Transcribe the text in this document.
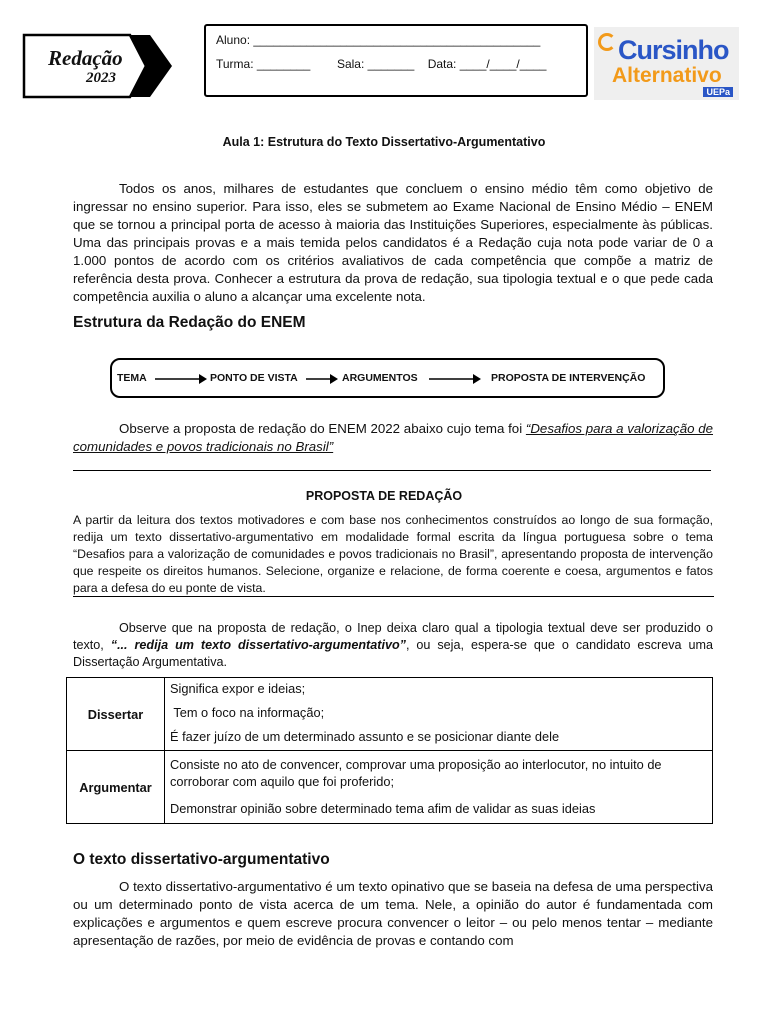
Redação
2023
Aluno: ___________________________________________
Turma: ________        Sala: _______    Data: ____/____/____	Cursinho
Alternativo
UEPa
Aula 1: Estrutura do Texto Dissertativo-Argumentativo
Todos os anos, milhares de estudantes que concluem o ensino médio têm como objetivo de ingressar no ensino superior. Para isso, eles se submetem ao Exame Nacional de Ensino Médio – ENEM que se tornou a principal porta de acesso à maioria das Instituições Superiores, especialmente às públicas. Uma das principais provas e a mais temida pelos candidatos é a Redação cuja nota pode variar de 0 a 1.000 pontos de acordo com os critérios avaliativos de cada competência que compõe a matriz de referência desta prova. Conhecer a estrutura da prova de redação, sua tipologia textual e o que pede cada competência auxilia o aluno a alcançar uma excelente nota.
Estrutura da Redação do ENEM
TEMA	PONTO DE VISTA	ARGUMENTOS	PROPOSTA DE INTERVENÇÃO
Observe a proposta de redação do ENEM 2022 abaixo cujo tema foi “Desafios para a valorização de comunidades e povos tradicionais no Brasil”
PROPOSTA DE REDAÇÃO
A partir da leitura dos textos motivadores e com base nos conhecimentos construídos ao longo de sua formação, redija um texto dissertativo-argumentativo em modalidade formal escrita da língua portuguesa sobre o tema “Desafios para a valorização de comunidades e povos tradicionais no Brasil”, apresentando proposta de intervenção que respeite os direitos humanos. Selecione, organize e relacione, de forma coerente e coesa, argumentos e fatos para a defesa do eu ponte de vista.
Observe que na proposta de redação, o Inep deixa claro qual a tipologia textual deve ser produzido o texto, “... redija um texto dissertativo-argumentativo”, ou seja, espera-se que o candidato escreva uma Dissertação Argumentativa.
Dissertar	Significa expor e ideias;
Tem o foco na informação;
É fazer juízo de um determinado assunto e se posicionar diante dele

Argumentar	Consiste no ato de convencer, comprovar uma proposição ao interlocutor, no intuito de corroborar com aquilo que foi proferido;
Demonstrar opinião sobre determinado tema afim de validar as suas ideias
O texto dissertativo-argumentativo
O texto dissertativo-argumentativo é um texto opinativo que se baseia na defesa de uma perspectiva ou um determinado ponto de vista acerca de um tema. Nele, a opinião do autor é fundamentada com explicações e argumentos e quem escreve procura convencer o leitor – ou pelo menos tentar – mediante apresentação de razões, por meio de evidência de provas e contando com
